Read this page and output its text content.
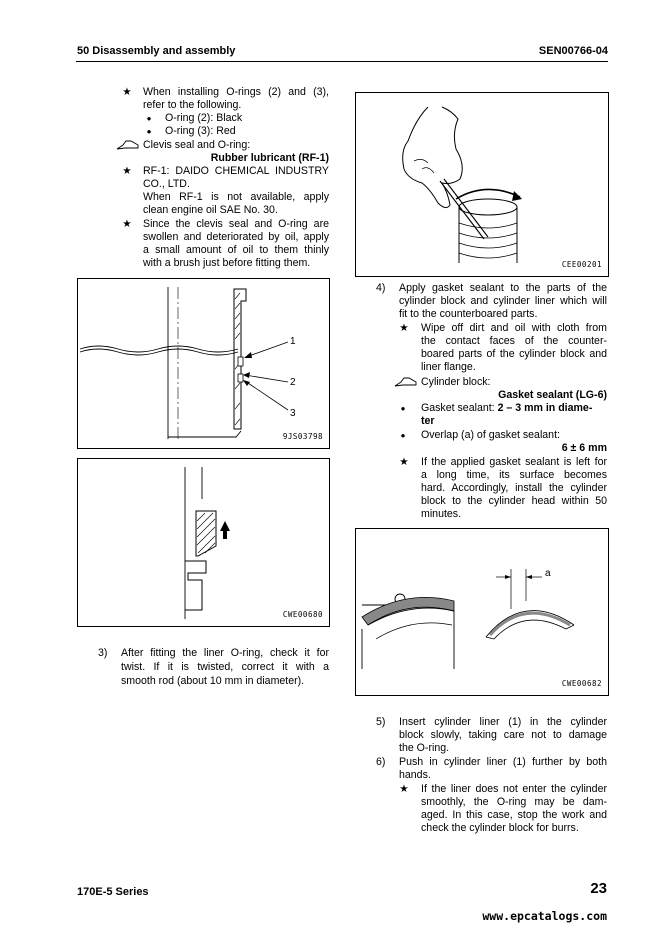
50 Disassembly and assembly	SEN00766-04
★ When installing O-rings (2) and (3),
refer to the following.
●	O-ring (2): Black
●	O-ring (3): Red
Clevis seal and O-ring:
Rubber lubricant (RF-1)
★ RF-1: DAIDO CHEMICAL INDUSTRY
CO., LTD.
When RF-1 is not available, apply
clean engine oil SAE No. 30.
★ Since the clevis seal and O-ring are
swollen and deteriorated by oil, apply
a small amount of oil to them thinly
with a brush just before fitting them.
1
2
3
9JS03798
CWE00680
3) After fitting the liner O-ring, check it for
twist. If it is twisted, correct it with a
smooth rod (about 10 mm in diameter).
CEE00201
4) Apply gasket sealant to the parts of the
cylinder block and cylinder liner which will
fit to the counterboared parts.
★ Wipe off dirt and oil with cloth from
the contact faces of the counter-
boared parts of the cylinder block and
liner flange.
Cylinder block:
Gasket sealant (LG-6)
●	Gasket sealant: 2 – 3 mm in diame-
ter
●	Overlap (a) of gasket sealant:
6 ± 6 mm
★ If the applied gasket sealant is left for
a long time, its surface becomes
hard. Accordingly, install the cylinder
block to the cylinder head within 50
minutes.
a
CWE00682
5) Insert cylinder liner (1) in the cylinder
block slowly, taking care not to damage
the O-ring.
6) Push in cylinder liner (1) further by both
hands.
★ If the liner does not enter the cylinder
smoothly, the O-ring may be dam-
aged. In this case, stop the work and
check the cylinder block for burrs.
170E-5 Series	23
www.epcatalogs.com
